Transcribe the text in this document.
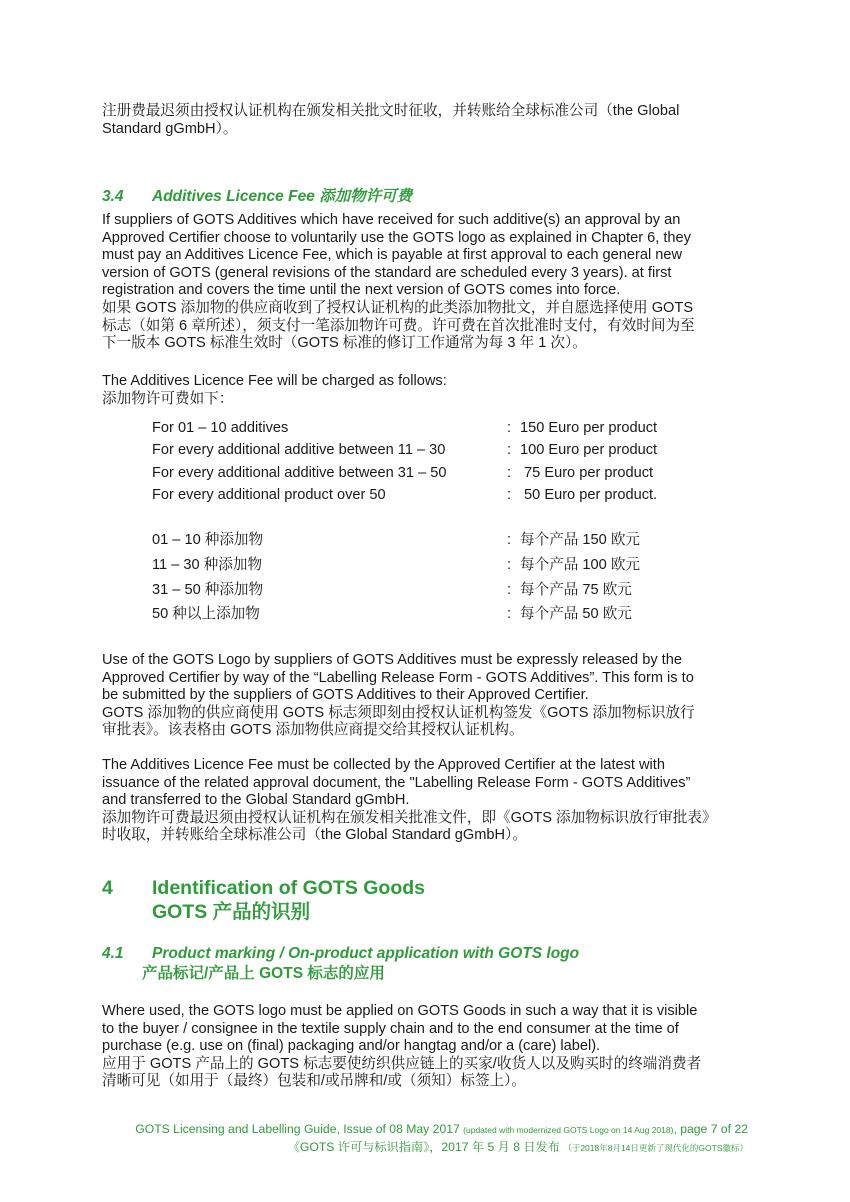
注册费最迟须由授权认证机构在颁发相关批文时征收，并转账给全球标准公司（the Global
Standard gGmbH）。
3.4 Additives Licence Fee 添加物许可费
If suppliers of GOTS Additives which have received for such additive(s) an approval by an
Approved Certifier choose to voluntarily use the GOTS logo as explained in Chapter 6, they
must pay an Additives Licence Fee, which is payable at first approval to each general new
version of GOTS (general revisions of the standard are scheduled every 3 years). at first
registration and covers the time until the next version of GOTS comes into force.
如果 GOTS 添加物的供应商收到了授权认证机构的此类添加物批文，并自愿选择使用 GOTS
标志（如第 6 章所述），须支付一笔添加物许可费。许可费在首次批准时支付，有效时间为至
下一版本 GOTS 标准生效时（GOTS 标准的修订工作通常为每 3 年 1 次）。
The Additives Licence Fee will be charged as follows:
添加物许可费如下：
For 01 – 10 additives	: 150 Euro per product
For every additional additive between 11 – 30	: 100 Euro per product
For every additional additive between 31 – 50	: 75 Euro per product
For every additional product over 50	: 50 Euro per product.
01 – 10 种添加物	: 每个产品 150 欧元
11 – 30 种添加物	: 每个产品 100 欧元
31 – 50 种添加物	: 每个产品 75 欧元
50 种以上添加物	: 每个产品 50 欧元
Use of the GOTS Logo by suppliers of GOTS Additives must be expressly released by the
Approved Certifier by way of the “Labelling Release Form - GOTS Additives”. This form is to
be submitted by the suppliers of GOTS Additives to their Approved Certifier.
GOTS 添加物的供应商使用 GOTS 标志须即刻由授权认证机构签发《GOTS 添加物标识放行
审批表》。该表格由 GOTS 添加物供应商提交给其授权认证机构。
The Additives Licence Fee must be collected by the Approved Certifier at the latest with
issuance of the related approval document, the "Labelling Release Form - GOTS Additives”
and transferred to the Global Standard gGmbH.
添加物许可费最迟须由授权认证机构在颁发相关批准文件，即《GOTS 添加物标识放行审批表》
时收取，并转账给全球标准公司（the Global Standard gGmbH）。
4 Identification of GOTS Goods
GOTS 产品的识别
4.1 Product marking / On-product application with GOTS logo
产品标记/产品上 GOTS 标志的应用
Where used, the GOTS logo must be applied on GOTS Goods in such a way that it is visible
to the buyer / consignee in the textile supply chain and to the end consumer at the time of
purchase (e.g. use on (final) packaging and/or hangtag and/or a (care) label).
应用于 GOTS 产品上的 GOTS 标志要使纺织供应链上的买家/收货人以及购买时的终端消费者
清晰可见（如用于（最终）包装和/或吊牌和/或（须知）标签上）。
GOTS Licensing and Labelling Guide, Issue of 08 May 2017 (updated with modernized GOTS Logo on 14 Aug 2018), page 7 of 22
《GOTS 许可与标识指南》，2017 年 5 月 8 日发布 （于2018年8月14日更新了现代化的GOTS徽标）
